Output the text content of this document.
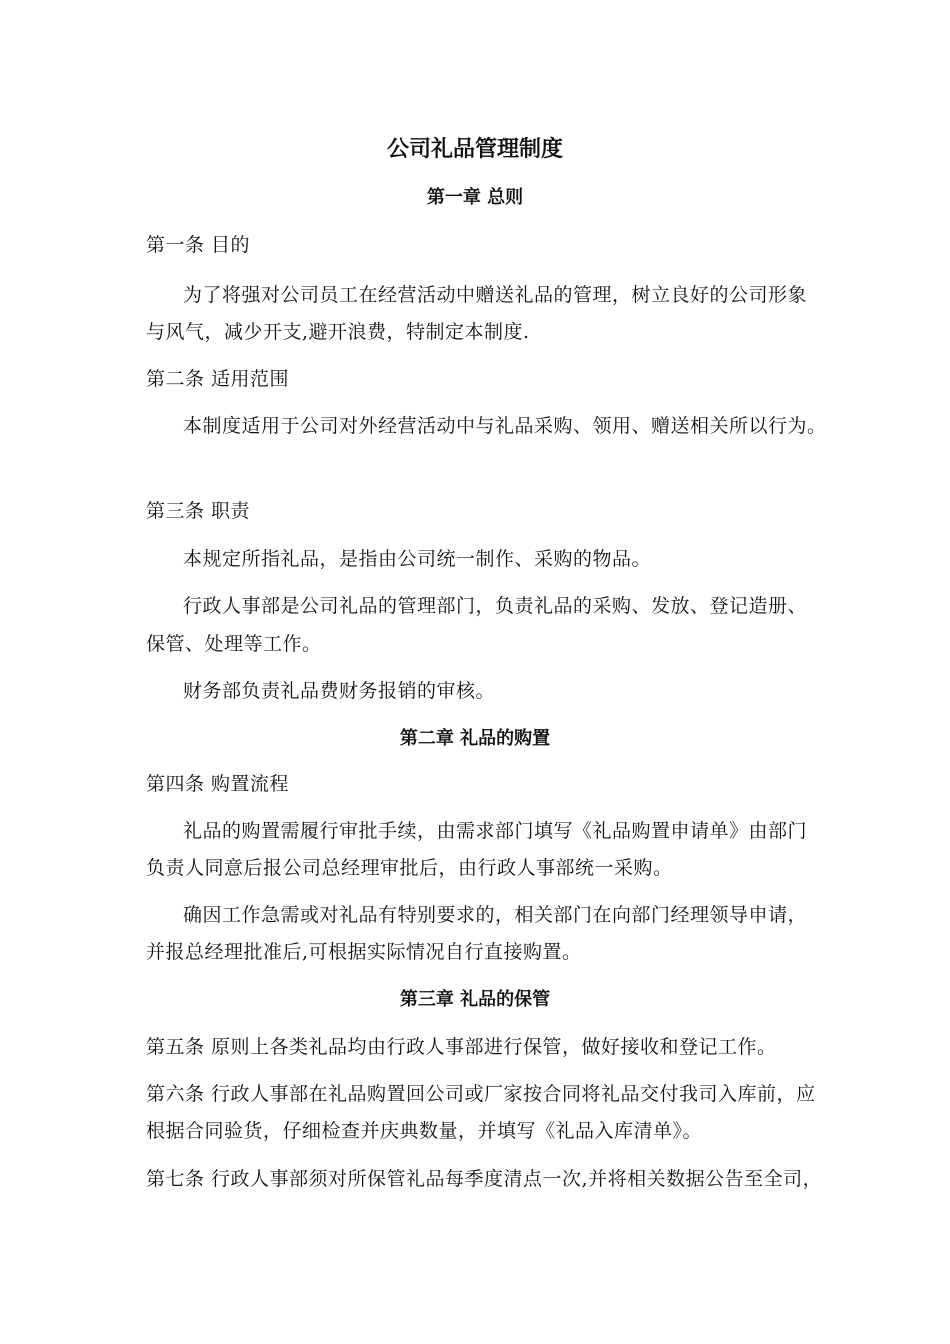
公司礼品管理制度
第一章 总则
第一条 目的
为了将强对公司员工在经营活动中赠送礼品的管理，树立良好的公司形象
与风气，减少开支,避开浪费，特制定本制度.
第二条 适用范围
本制度适用于公司对外经营活动中与礼品采购、领用、赠送相关所以行为。
第三条 职责
本规定所指礼品，是指由公司统一制作、采购的物品。
行政人事部是公司礼品的管理部门，负责礼品的采购、发放、登记造册、
保管、处理等工作。
财务部负责礼品费财务报销的审核。
第二章 礼品的购置
第四条 购置流程
礼品的购置需履行审批手续，由需求部门填写《礼品购置申请单》由部门
负责人同意后报公司总经理审批后，由行政人事部统一采购。
确因工作急需或对礼品有特别要求的，相关部门在向部门经理领导申请，
并报总经理批准后,可根据实际情况自行直接购置。
第三章 礼品的保管
第五条 原则上各类礼品均由行政人事部进行保管，做好接收和登记工作。
第六条 行政人事部在礼品购置回公司或厂家按合同将礼品交付我司入库前，应
根据合同验货，仔细检查并庆典数量，并填写《礼品入库清单》。
第七条 行政人事部须对所保管礼品每季度清点一次,并将相关数据公告至全司，
